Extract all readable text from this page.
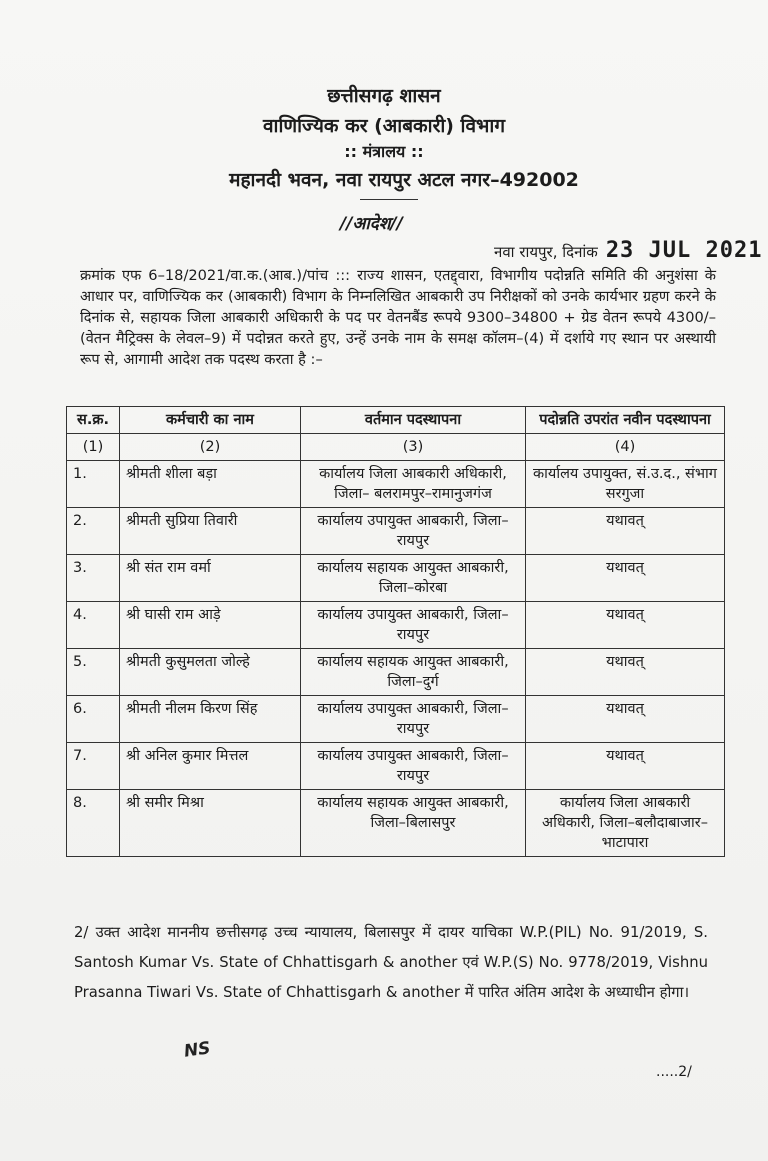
छत्तीसगढ़ शासन
वाणिज्यिक कर (आबकारी) विभाग
:: मंत्रालय ::
महानदी भवन, नवा रायपुर अटल नगर–492002
//आदेश//
नवा रायपुर, दिनांक 23 JUL 2021
क्रमांक एफ 6–18/2021/वा.क.(आब.)/पांच ::: राज्य शासन, एतद्द्वारा, विभागीय पदोन्नति समिति की अनुशंसा के आधार पर, वाणिज्यिक कर (आबकारी) विभाग के निम्नलिखित आबकारी उप निरीक्षकों को उनके कार्यभार ग्रहण करने के दिनांक से, सहायक जिला आबकारी अधिकारी के पद पर वेतनबैंड रूपये 9300–34800 + ग्रेड वेतन रूपये 4300/– (वेतन मैट्रिक्स के लेवल–9) में पदोन्नत करते हुए, उन्हें उनके नाम के समक्ष कॉलम–(4) में दर्शाये गए स्थान पर अस्थायी रूप से, आगामी आदेश तक पदस्थ करता है :–
स.क्र.	कर्मचारी का नाम	वर्तमान पदस्थापना	पदोन्नति उपरांत नवीन पदस्थापना
(1)	(2)	(3)	(4)
1.	श्रीमती शीला बड़ा	कार्यालय जिला आबकारी अधिकारी, जिला– बलरामपुर–रामानुजगंज	कार्यालय उपायुक्त, सं.उ.द., संभाग सरगुजा
2.	श्रीमती सुप्रिया तिवारी	कार्यालय उपायुक्त आबकारी, जिला–रायपुर	यथावत्
3.	श्री संत राम वर्मा	कार्यालय सहायक आयुक्त आबकारी, जिला–कोरबा	यथावत्
4.	श्री घासी राम आड़े	कार्यालय उपायुक्त आबकारी, जिला–रायपुर	यथावत्
5.	श्रीमती कुसुमलता जोल्हे	कार्यालय सहायक आयुक्त आबकारी, जिला–दुर्ग	यथावत्
6.	श्रीमती नीलम किरण सिंह	कार्यालय उपायुक्त आबकारी, जिला–रायपुर	यथावत्
7.	श्री अनिल कुमार मित्तल	कार्यालय उपायुक्त आबकारी, जिला–रायपुर	यथावत्
8.	श्री समीर मिश्रा	कार्यालय सहायक आयुक्त आबकारी, जिला–बिलासपुर	कार्यालय जिला आबकारी अधिकारी, जिला–बलौदाबाजार–भाटापारा
2/ उक्त आदेश माननीय छत्तीसगढ़ उच्च न्यायालय, बिलासपुर में दायर याचिका W.P.(PIL) No. 91/2019, S. Santosh Kumar Vs. State of Chhattisgarh & another एवं W.P.(S) No. 9778/2019, Vishnu Prasanna Tiwari Vs. State of Chhattisgarh & another में पारित अंतिम आदेश के अध्याधीन होगा।
NS
.....2/
